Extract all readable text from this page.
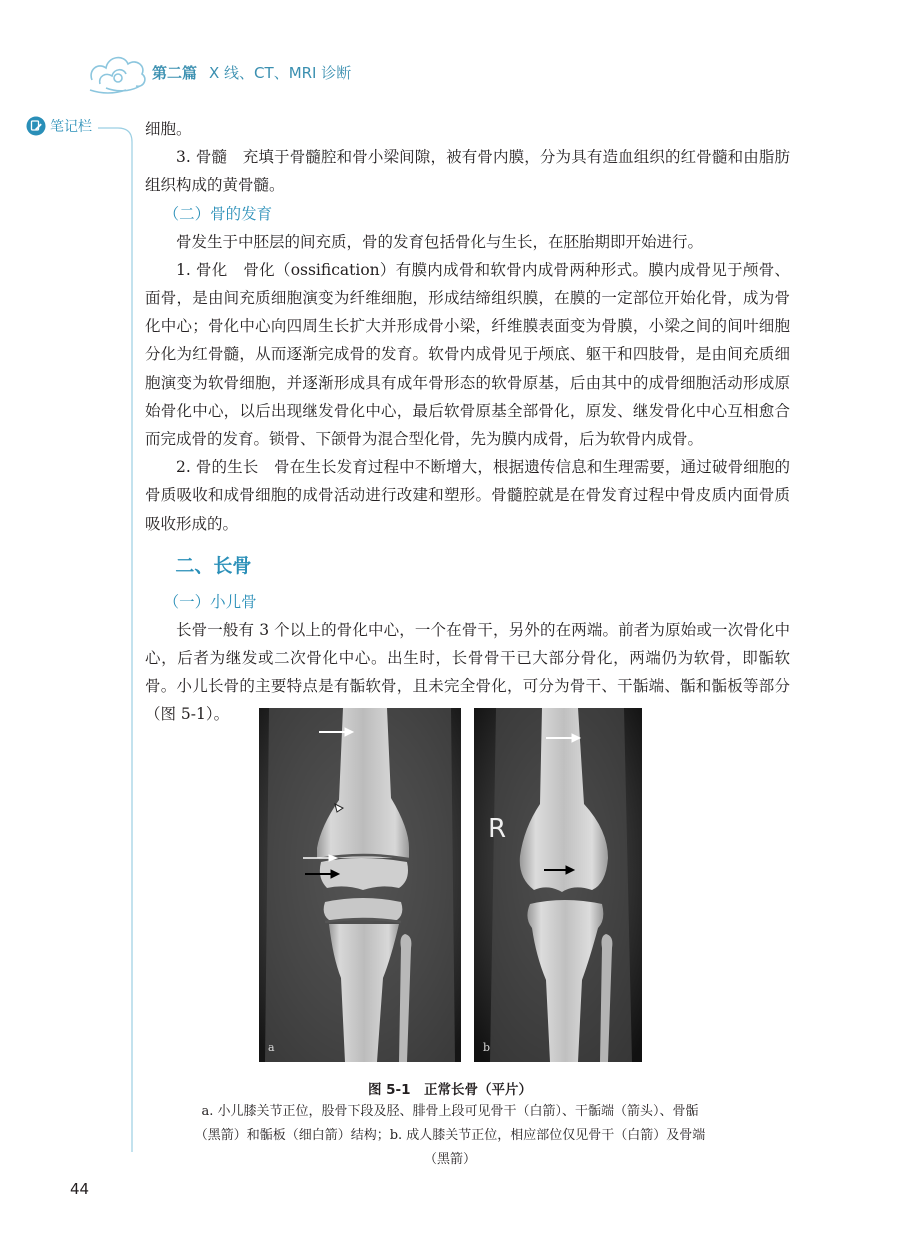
第二篇 X 线、CT、MRI 诊断
笔记栏	细胞。

3. 骨髓　充填于骨髓腔和骨小梁间隙，被有骨内膜，分为具有造血组织的红骨髓和由脂肪组织构成的黄骨髓。

（二）骨的发育

骨发生于中胚层的间充质，骨的发育包括骨化与生长，在胚胎期即开始进行。

1. 骨化　骨化（ossification）有膜内成骨和软骨内成骨两种形式。膜内成骨见于颅骨、面骨，是由间充质细胞演变为纤维细胞，形成结缔组织膜，在膜的一定部位开始化骨，成为骨化中心；骨化中心向四周生长扩大并形成骨小梁，纤维膜表面变为骨膜，小梁之间的间叶细胞分化为红骨髓，从而逐渐完成骨的发育。软骨内成骨见于颅底、躯干和四肢骨，是由间充质细胞演变为软骨细胞，并逐渐形成具有成年骨形态的软骨原基，后由其中的成骨细胞活动形成原始骨化中心，以后出现继发骨化中心，最后软骨原基全部骨化，原发、继发骨化中心互相愈合而完成骨的发育。锁骨、下颌骨为混合型化骨，先为膜内成骨，后为软骨内成骨。

2. 骨的生长　骨在生长发育过程中不断增大，根据遗传信息和生理需要，通过破骨细胞的骨质吸收和成骨细胞的成骨活动进行改建和塑形。骨髓腔就是在骨发育过程中骨皮质内面骨质吸收形成的。

二、长骨

（一）小儿骨

长骨一般有 3 个以上的骨化中心，一个在骨干，另外的在两端。前者为原始或一次骨化中心，后者为继发或二次骨化中心。出生时，长骨骨干已大部分骨化，两端仍为软骨，即骺软骨。小儿长骨的主要特点是有骺软骨，且未完全骨化，可分为骨干、干骺端、骺和骺板等部分（图 5-1）。

a
R
b
图 5-1　正常长骨（平片）
a. 小儿膝关节正位，股骨下段及胫、腓骨上段可见骨干（白箭）、干骺端（箭头）、骨骺（黑箭）和骺板（细白箭）结构；b. 成人膝关节正位，相应部位仅见骨干（白箭）及骨端（黑箭）
44
